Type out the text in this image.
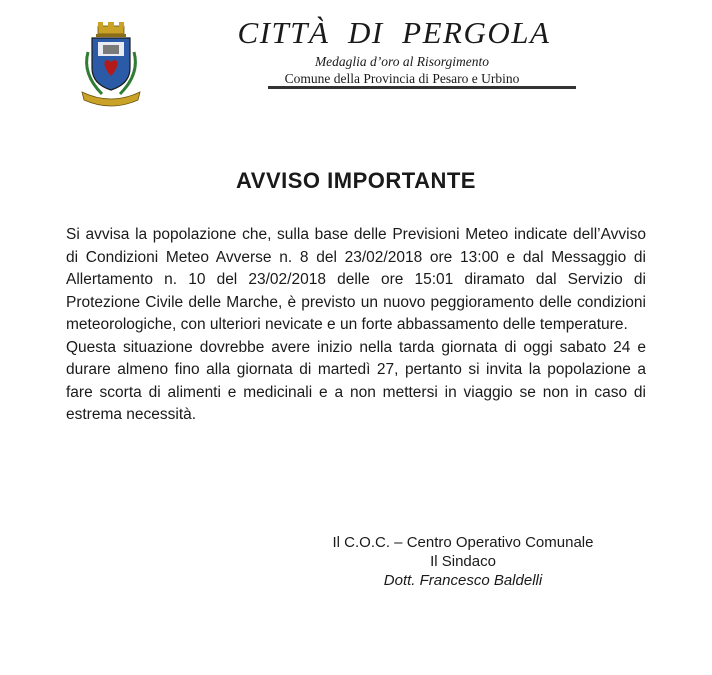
CITTÀ  DI  PERGOLA
Medaglia d’oro al Risorgimento
Comune della Provincia di Pesaro e Urbino
AVVISO IMPORTANTE

Si avvisa la popolazione che, sulla base delle Previsioni Meteo indicate dell’Avviso di Condizioni Meteo Avverse n. 8 del 23/02/2018 ore 13:00 e dal Messaggio di Allertamento n. 10 del 23/02/2018 delle ore 15:01 diramato dal Servizio di Protezione Civile delle Marche, è previsto un nuovo peggioramento delle condizioni meteorologiche, con ulteriori nevicate e un forte abbassamento delle temperature.

Questa situazione dovrebbe avere inizio nella tarda giornata di oggi sabato 24 e durare almeno fino alla giornata di martedì 27, pertanto si invita la popolazione a fare scorta di alimenti e medicinali e a non mettersi in viaggio se non in caso di estrema necessità.

Il C.O.C. – Centro Operativo Comunale
Il Sindaco
Dott. Francesco Baldelli
